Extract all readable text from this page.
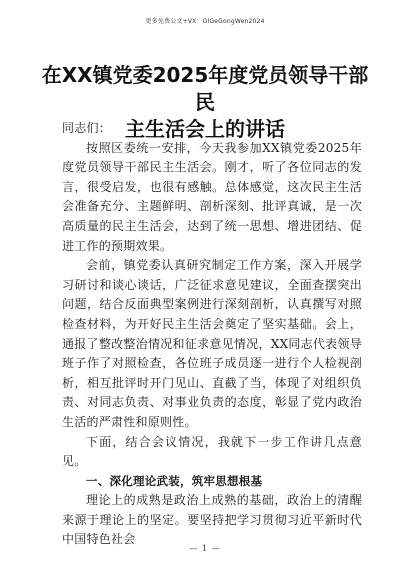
更多免费公文+VX：GlGeGongWen2024
在XX镇党委2025年度党员领导干部民
主生活会上的讲话

同志们：

按照区委统一安排，今天我参加XX镇党委2025年度党员领导干部民主生活会。刚才，听了各位同志的发言，很受启发，也很有感触。总体感觉，这次民主生活会准备充分、主题鲜明、剖析深刻、批评真诚，是一次高质量的民主生活会，达到了统一思想、增进团结、促进工作的预期效果。

会前，镇党委认真研究制定工作方案，深入开展学习研讨和谈心谈话，广泛征求意见建议，全面查摆突出问题，结合反面典型案例进行深刻剖析，认真撰写对照检查材料，为开好民主生活会奠定了坚实基础。会上，通报了整改整治情况和征求意见情况，XX同志代表领导班子作了对照检查，各位班子成员逐一进行个人检视剖析，相互批评时开门见山、直截了当，体现了对组织负责、对同志负责、对事业负责的态度，彰显了党内政治生活的严肃性和原则性。

下面，结合会议情况，我就下一步工作讲几点意见。

一、深化理论武装，筑牢思想根基

理论上的成熟是政治上成熟的基础，政治上的清醒来源于理论上的坚定。要坚持把学习贯彻习近平新时代中国特色社会

— 1 —
